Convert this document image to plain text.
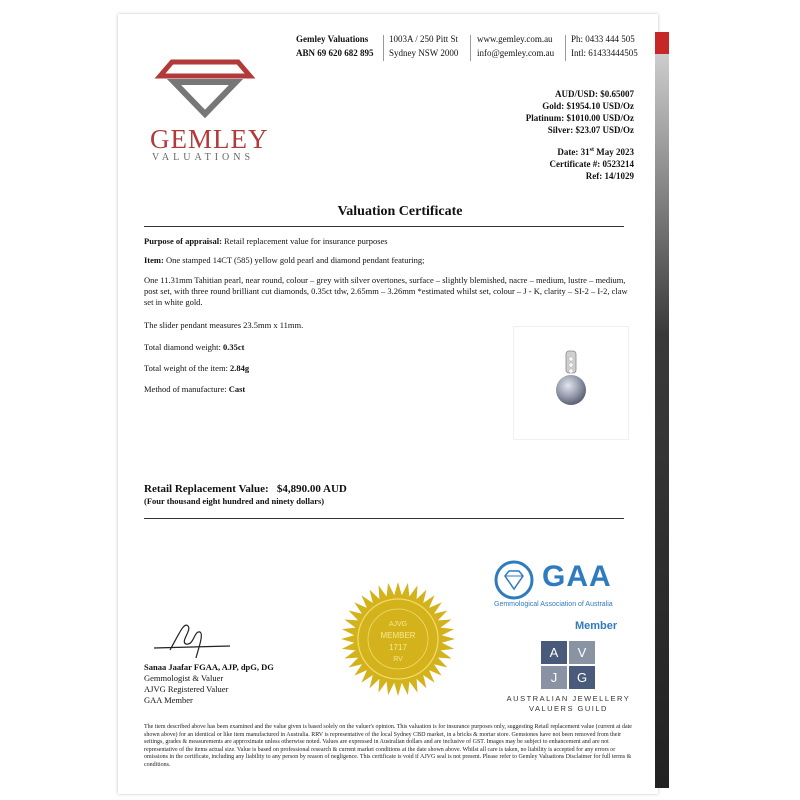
Gemley Valuations
ABN 69 620 682 895
1003A / 250 Pitt St
Sydney NSW 2000
www.gemley.com.au
info@gemley.com.au
Ph: 0433 444 505
Intl: 61433444505
GEMLEY
VALUATIONS
AUD/USD: $0.65007
Gold: $1954.10 USD/Oz
Platinum: $1010.00 USD/Oz
Silver: $23.07 USD/Oz
Date: 31st May 2023
Certificate #: 0523214
Ref: 14/1029
Valuation Certificate
Purpose of appraisal: Retail replacement value for insurance purposes
Item: One stamped 14CT (585) yellow gold pearl and diamond pendant featuring;
One 11.31mm Tahitian pearl, near round, colour – grey with silver overtones, surface – slightly blemished, nacre – medium, lustre – medium, post set, with three round brilliant cut diamonds, 0.35ct tdw, 2.65mm – 3.26mm *estimated whilst set, colour – J - K, clarity – SI-2 – I-2, claw set in white gold.
The slider pendant measures 23.5mm x 11mm.
Total diamond weight: 0.35ct
Total weight of the item: 2.84g
Method of manufacture: Cast
Retail Replacement Value: $4,890.00 AUD
(Four thousand eight hundred and ninety dollars)
AJVG
MEMBER
1717
RV
GAA
Gemmological Association of Australia
Member
A	V
J	G
AUSTRALIAN JEWELLERY
VALUERS GUILD
Sanaa Jaafar FGAA, AJP, dpG, DG
Gemmologist & Valuer
AJVG Registered Valuer
GAA Member
The item described above has been examined and the value given is based solely on the valuer's opinion. This valuation is for insurance purposes only, suggesting Retail replacement value (current at date shown above) for an identical or like item manufactured in Australia. RRV is representative of the local Sydney CBD market, in a bricks & mortar store. Gemstones have not been removed from their settings, grades & measurements are approximate unless otherwise noted. Values are expressed in Australian dollars and are inclusive of GST. Images may be subject to enhancement and are not representative of the items actual size. Value is based on professional research & current market conditions at the date shown above. Whilst all care is taken, no liability is accepted for any errors or omissions in the certificate, including any liability to any person by reason of negligence. This certificate is void if AJVG seal is not present. Please refer to Gemley Valuations Disclaimer for full terms & conditions.
